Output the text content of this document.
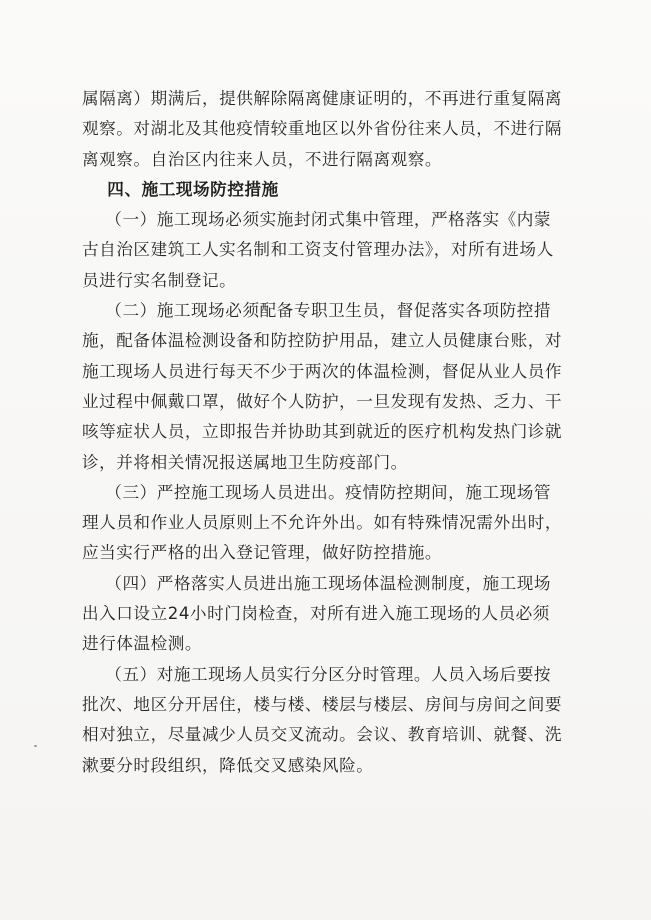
属隔离）期满后，提供解除隔离健康证明的，不再进行重复隔离
观察。对湖北及其他疫情较重地区以外省份往来人员，不进行隔
离观察。自治区内往来人员，不进行隔离观察。
四、施工现场防控措施
（一）施工现场必须实施封闭式集中管理，严格落实《内蒙
古自治区建筑工人实名制和工资支付管理办法》，对所有进场人
员进行实名制登记。
（二）施工现场必须配备专职卫生员，督促落实各项防控措
施，配备体温检测设备和防控防护用品，建立人员健康台账，对
施工现场人员进行每天不少于两次的体温检测，督促从业人员作
业过程中佩戴口罩，做好个人防护，一旦发现有发热、乏力、干
咳等症状人员，立即报告并协助其到就近的医疗机构发热门诊就
诊，并将相关情况报送属地卫生防疫部门。
（三）严控施工现场人员进出。疫情防控期间，施工现场管
理人员和作业人员原则上不允许外出。如有特殊情况需外出时，
应当实行严格的出入登记管理，做好防控措施。
（四）严格落实人员进出施工现场体温检测制度，施工现场
出入口设立24小时门岗检查，对所有进入施工现场的人员必须
进行体温检测。
（五）对施工现场人员实行分区分时管理。人员入场后要按
批次、地区分开居住，楼与楼、楼层与楼层、房间与房间之间要
相对独立，尽量减少人员交叉流动。会议、教育培训、就餐、洗
漱要分时段组织，降低交叉感染风险。
